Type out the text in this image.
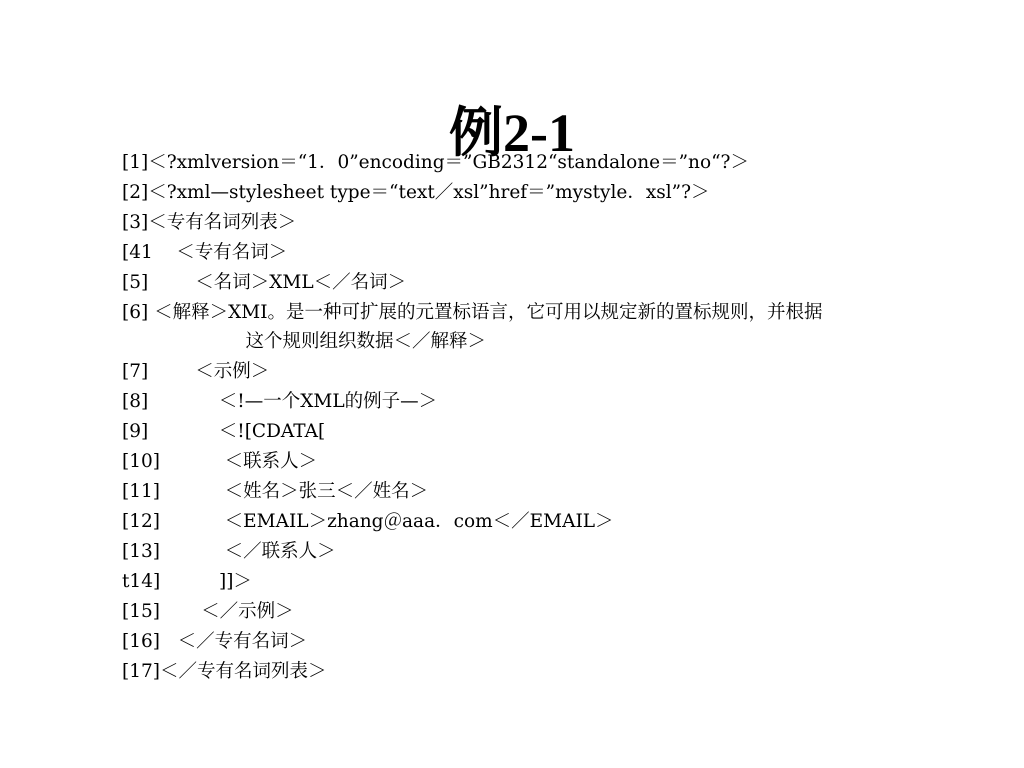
例2-1
[1]＜?xmlversion＝“1．0”encoding＝”GB2312“standalone＝”no“?＞
[2]＜?xml—stylesheet type＝“text／xsl”href＝”mystyle．xsl”?＞
[3]＜专有名词列表＞
[41    ＜专有名词＞
[5]        ＜名词＞XML＜／名词＞
[6] ＜解释＞XMI。是一种可扩展的元置标语言，它可用以规定新的置标规则，并根据
这个规则组织数据＜／解释＞
[7]        ＜示例＞
[8]            ＜!—一个XML的例子—＞
[9]            ＜![CDATA[
[10]           ＜联系人＞
[11]           ＜姓名＞张三＜／姓名＞
[12]           ＜EMAIL＞zhang＠aaa．com＜／EMAIL＞
[13]           ＜／联系人＞
t14]          ]]＞
[15]       ＜／示例＞
[16]   ＜／专有名词＞
[17]＜／专有名词列表＞
